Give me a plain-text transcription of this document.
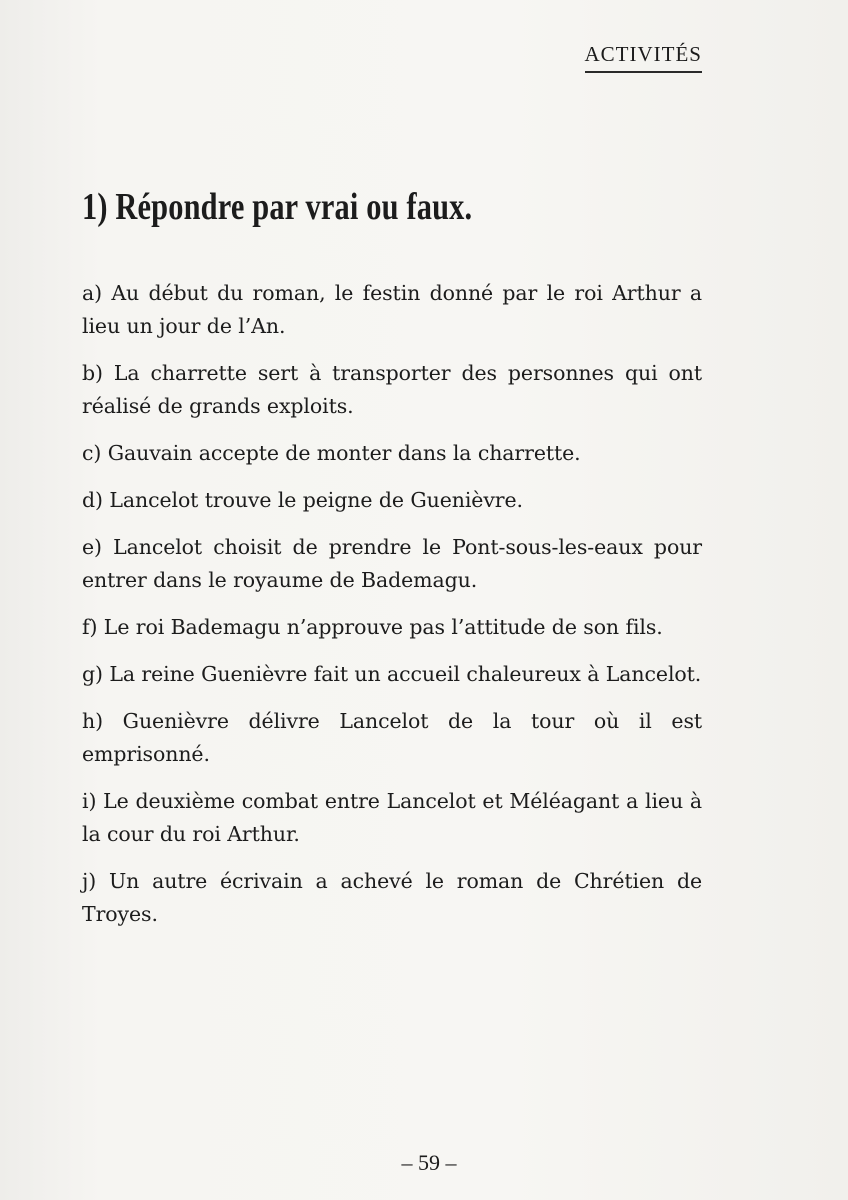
ACTIVITÉS
1) Répondre par vrai ou faux.
a) Au début du roman, le festin donné par le roi Arthur a lieu un jour de l’An.
b) La charrette sert à transporter des personnes qui ont réalisé de grands exploits.
c) Gauvain accepte de monter dans la charrette.
d) Lancelot trouve le peigne de Guenièvre.
e) Lancelot choisit de prendre le Pont-sous-les-eaux pour entrer dans le royaume de Bademagu.
f) Le roi Bademagu n’approuve pas l’attitude de son fils.
g) La reine Guenièvre fait un accueil chaleureux à Lancelot.
h) Guenièvre délivre Lancelot de la tour où il est emprisonné.
i) Le deuxième combat entre Lancelot et Méléagant a lieu à la cour du roi Arthur.
j) Un autre écrivain a achevé le roman de Chrétien de Troyes.
– 59 –
